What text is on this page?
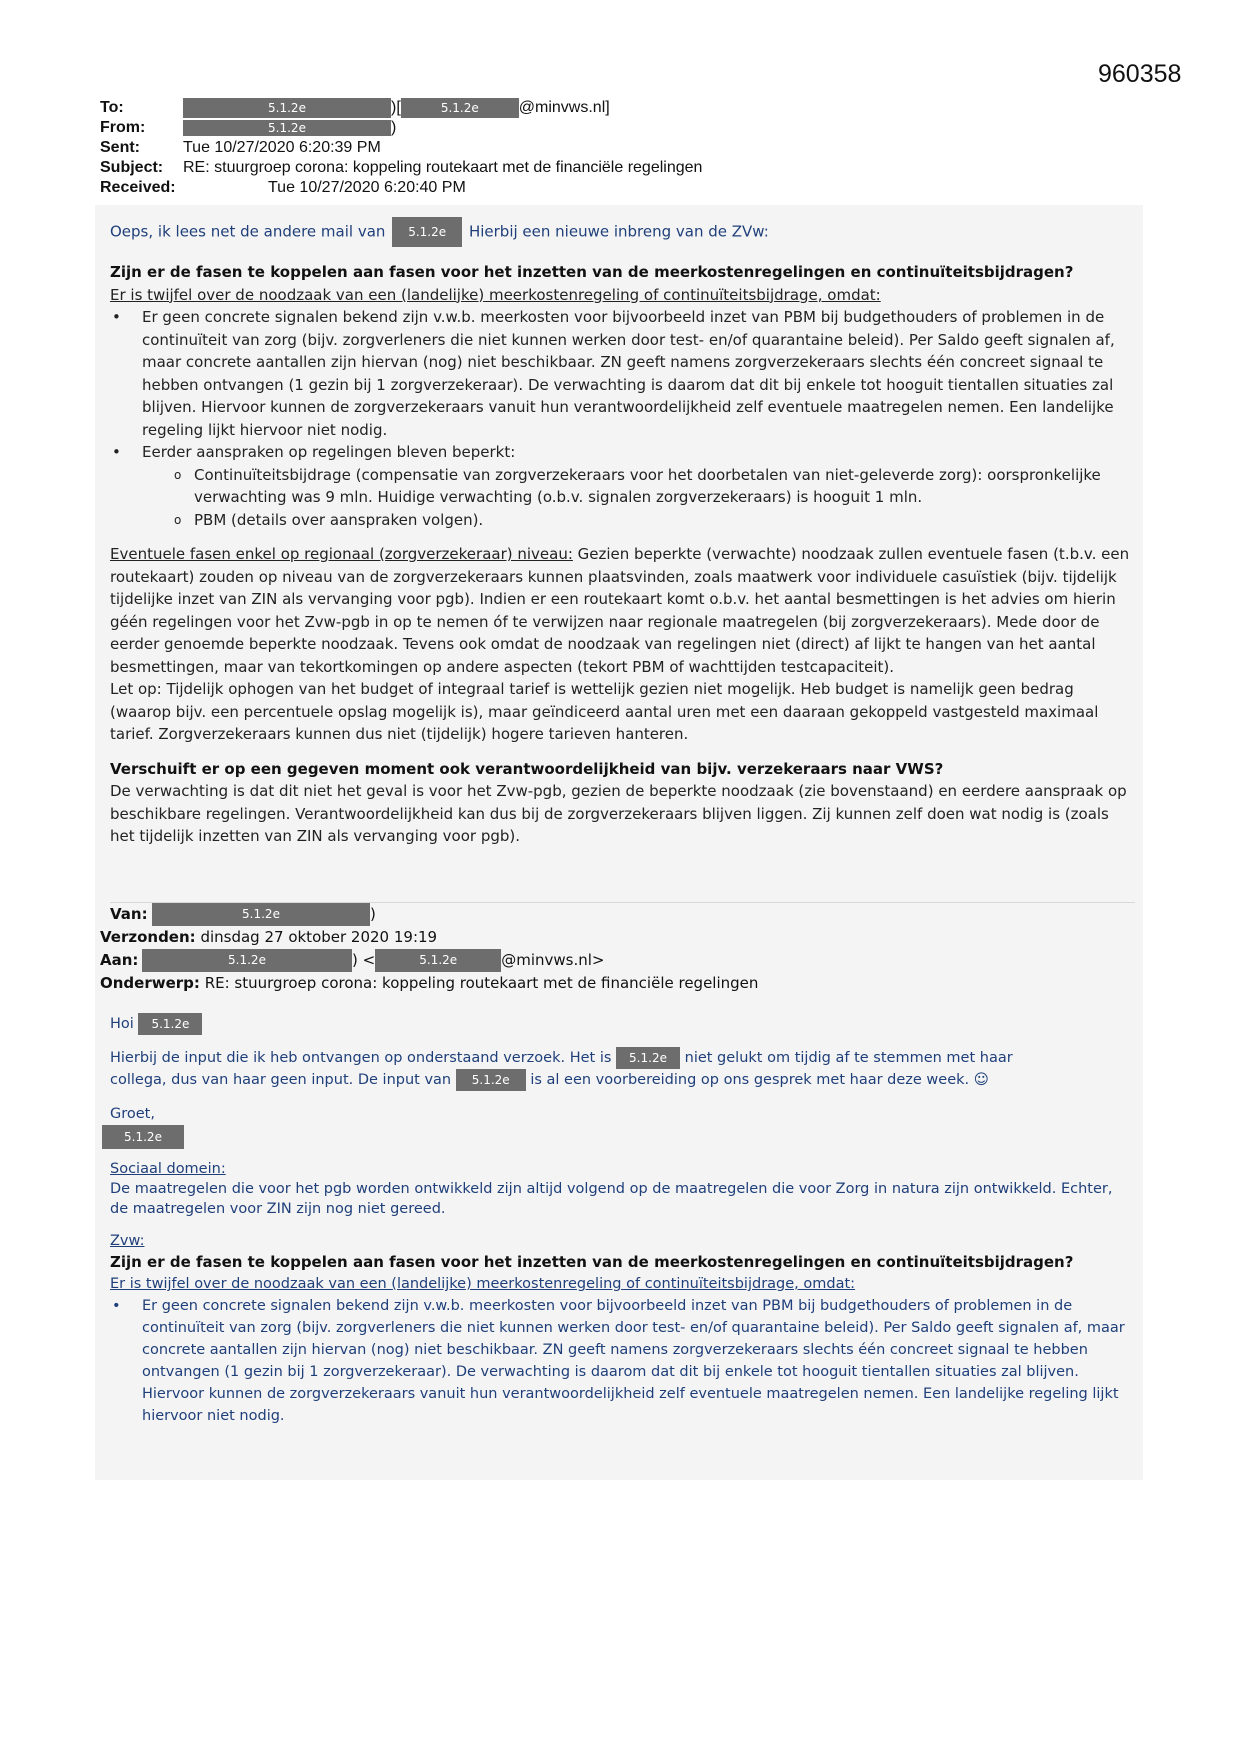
960358
To:	5.1.2e	)[	5.1.2e	@minvws.nl]
From:	5.1.2e	)
Sent:	Tue 10/27/2020 6:20:39 PM
Subject:	RE: stuurgroep corona: koppeling routekaart met de financiële regelingen
Received:	Tue 10/27/2020 6:20:40 PM

Oeps, ik lees net de andere mail van 5.1.2e Hierbij een nieuwe inbreng van de ZVw:

Zijn er de fasen te koppelen aan fasen voor het inzetten van de meerkostenregelingen en continuïteitsbijdragen?

Er is twijfel over de noodzaak van een (landelijke) meerkostenregeling of continuïteitsbijdrage, omdat:

• Er geen concrete signalen bekend zijn v.w.b. meerkosten voor bijvoorbeeld inzet van PBM bij budgethouders of problemen in de continuïteit van zorg (bijv. zorgverleners die niet kunnen werken door test- en/of quarantaine beleid). Per Saldo geeft signalen af, maar concrete aantallen zijn hiervan (nog) niet beschikbaar. ZN geeft namens zorgverzekeraars slechts één concreet signaal te hebben ontvangen (1 gezin bij 1 zorgverzekeraar). De verwachting is daarom dat dit bij enkele tot hooguit tientallen situaties zal blijven. Hiervoor kunnen de zorgverzekeraars vanuit hun verantwoordelijkheid zelf eventuele maatregelen nemen. Een landelijke regeling lijkt hiervoor niet nodig.
• Eerder aanspraken op regelingen bleven beperkt:
o Continuïteitsbijdrage (compensatie van zorgverzekeraars voor het doorbetalen van niet-geleverde zorg): oorspronkelijke verwachting was 9 mln. Huidige verwachting (o.b.v. signalen zorgverzekeraars) is hooguit 1 mln.
o PBM (details over aanspraken volgen).

Eventuele fasen enkel op regionaal (zorgverzekeraar) niveau: Gezien beperkte (verwachte) noodzaak zullen eventuele fasen (t.b.v. een routekaart) zouden op niveau van de zorgverzekeraars kunnen plaatsvinden, zoals maatwerk voor individuele casuïstiek (bijv. tijdelijk tijdelijke inzet van ZIN als vervanging voor pgb). Indien er een routekaart komt o.b.v. het aantal besmettingen is het advies om hierin géén regelingen voor het Zvw-pgb in op te nemen óf te verwijzen naar regionale maatregelen (bij zorgverzekeraars). Mede door de eerder genoemde beperkte noodzaak. Tevens ook omdat de noodzaak van regelingen niet (direct) af lijkt te hangen van het aantal besmettingen, maar van tekortkomingen op andere aspecten (tekort PBM of wachttijden testcapaciteit).

Let op: Tijdelijk ophogen van het budget of integraal tarief is wettelijk gezien niet mogelijk. Heb budget is namelijk geen bedrag (waarop bijv. een percentuele opslag mogelijk is), maar geïndiceerd aantal uren met een daaraan gekoppeld vastgesteld maximaal tarief. Zorgverzekeraars kunnen dus niet (tijdelijk) hogere tarieven hanteren.

Verschuift er op een gegeven moment ook verantwoordelijkheid van bijv. verzekeraars naar VWS?

De verwachting is dat dit niet het geval is voor het Zvw-pgb, gezien de beperkte noodzaak (zie bovenstaand) en eerdere aanspraak op beschikbare regelingen. Verantwoordelijkheid kan dus bij de zorgverzekeraars blijven liggen. Zij kunnen zelf doen wat nodig is (zoals het tijdelijk inzetten van ZIN als vervanging voor pgb).

Van:	5.1.2e	)
Verzonden:
dinsdag 27 oktober 2020 19:19
Aan:	5.1.2e	) <	5.1.2e	@minvws.nl>
Onderwerp:
RE: stuurgroep corona: koppeling routekaart met de financiële regelingen

Hoi 5.1.2e

Hierbij de input die ik heb ontvangen op onderstaand verzoek. Het is 5.1.2e niet gelukt om tijdig af te stemmen met haar

collega, dus van haar geen input. De input van 5.1.2e is al een voorbereiding op ons gesprek met haar deze week. ☺

Groet,

5.1.2e

Sociaal domein:

De maatregelen die voor het pgb worden ontwikkeld zijn altijd volgend op de maatregelen die voor Zorg in natura zijn ontwikkeld. Echter, de maatregelen voor ZIN zijn nog niet gereed.

Zvw:

Zijn er de fasen te koppelen aan fasen voor het inzetten van de meerkostenregelingen en continuïteitsbijdragen?

Er is twijfel over de noodzaak van een (landelijke) meerkostenregeling of continuïteitsbijdrage, omdat:

• Er geen concrete signalen bekend zijn v.w.b. meerkosten voor bijvoorbeeld inzet van PBM bij budgethouders of problemen in de continuïteit van zorg (bijv. zorgverleners die niet kunnen werken door test- en/of quarantaine beleid). Per Saldo geeft signalen af, maar concrete aantallen zijn hiervan (nog) niet beschikbaar. ZN geeft namens zorgverzekeraars slechts één concreet signaal te hebben ontvangen (1 gezin bij 1 zorgverzekeraar). De verwachting is daarom dat dit bij enkele tot hooguit tientallen situaties zal blijven. Hiervoor kunnen de zorgverzekeraars vanuit hun verantwoordelijkheid zelf eventuele maatregelen nemen. Een landelijke regeling lijkt hiervoor niet nodig.
